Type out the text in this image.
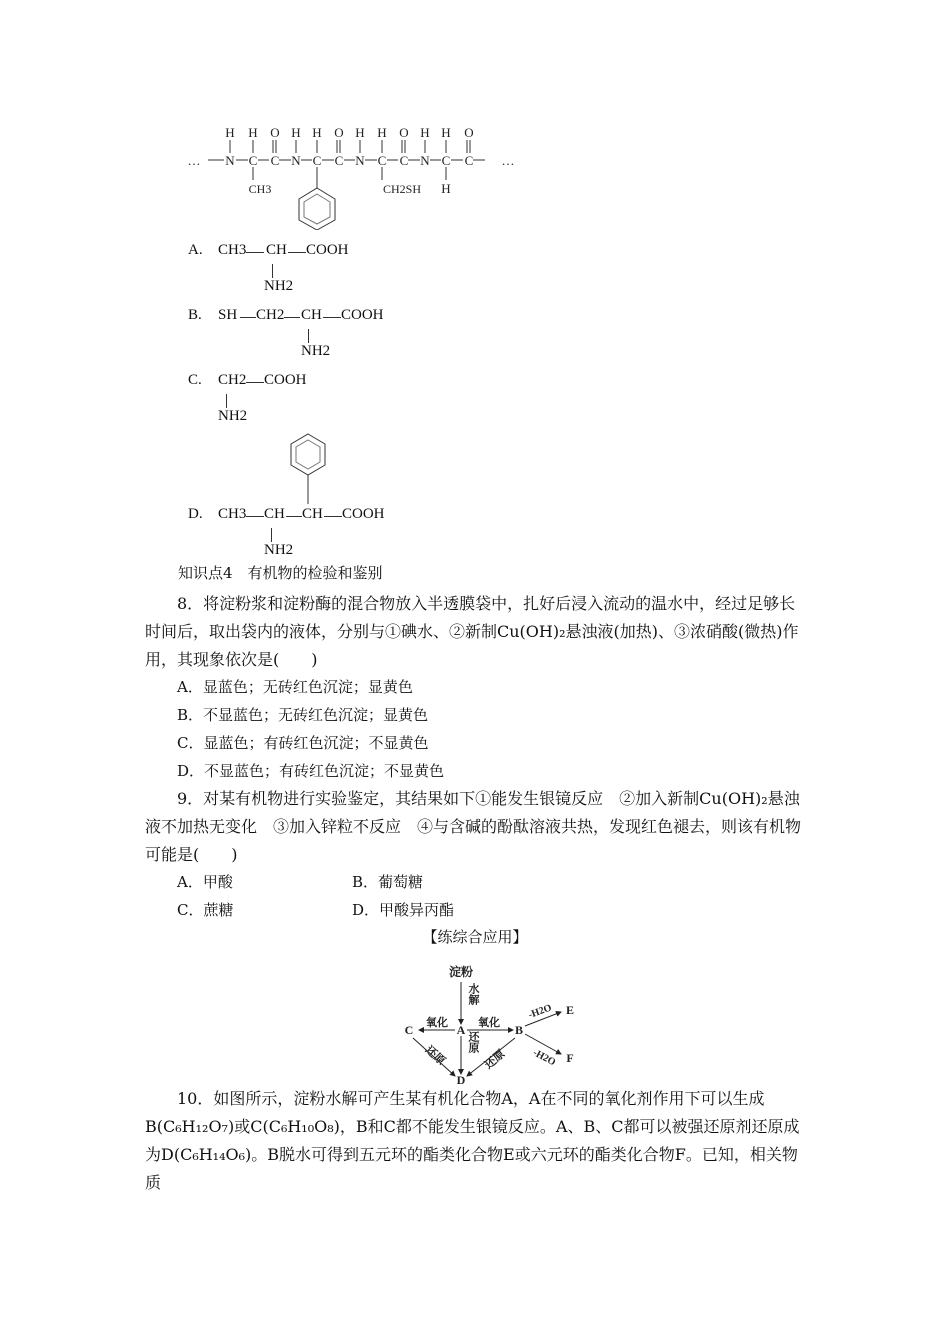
…	…
H H O H H O H H O H H O
N C C N C C N C C N C C
CH3	CH2SH H
A. CH3 CH COOH
NH2
B. SH CH2 CH COOH
NH2
C. CH2 COOH
NH2
D. CH3 CH CH COOH
NH2
知识点4　有机物的检验和鉴别
8．将淀粉浆和淀粉酶的混合物放入半透膜袋中，扎好后浸入流动的温水中，经过足够长时间后，取出袋内的液体，分别与①碘水、②新制Cu(OH)₂悬浊液(加热)、③浓硝酸(微热)作用，其现象依次是(　　)
A．显蓝色；无砖红色沉淀；显黄色
B．不显蓝色；无砖红色沉淀；显黄色
C．显蓝色；有砖红色沉淀；不显黄色
D．不显蓝色；有砖红色沉淀；不显黄色
9．对某有机物进行实验鉴定，其结果如下①能发生银镜反应　②加入新制Cu(OH)₂悬浊液不加热无变化　③加入锌粒不反应　④与含碱的酚酞溶液共热，发现红色褪去，则该有机物可能是(　　)
A．甲酸	B．葡萄糖
C．蔗糖	D．甲酸异丙酯
【练综合应用】
淀粉
水解
A	B
C
D
E
F
氧化	氧化
还原
还原
还原
-H2O
-H2O
10．如图所示，淀粉水解可产生某有机化合物A，A在不同的氧化剂作用下可以生成B(C₆H₁₂O₇)或C(C₆H₁₀O₈)，B和C都不能发生银镜反应。A、B、C都可以被强还原剂还原成为D(C₆H₁₄O₆)。B脱水可得到五元环的酯类化合物E或六元环的酯类化合物F。已知，相关物质
